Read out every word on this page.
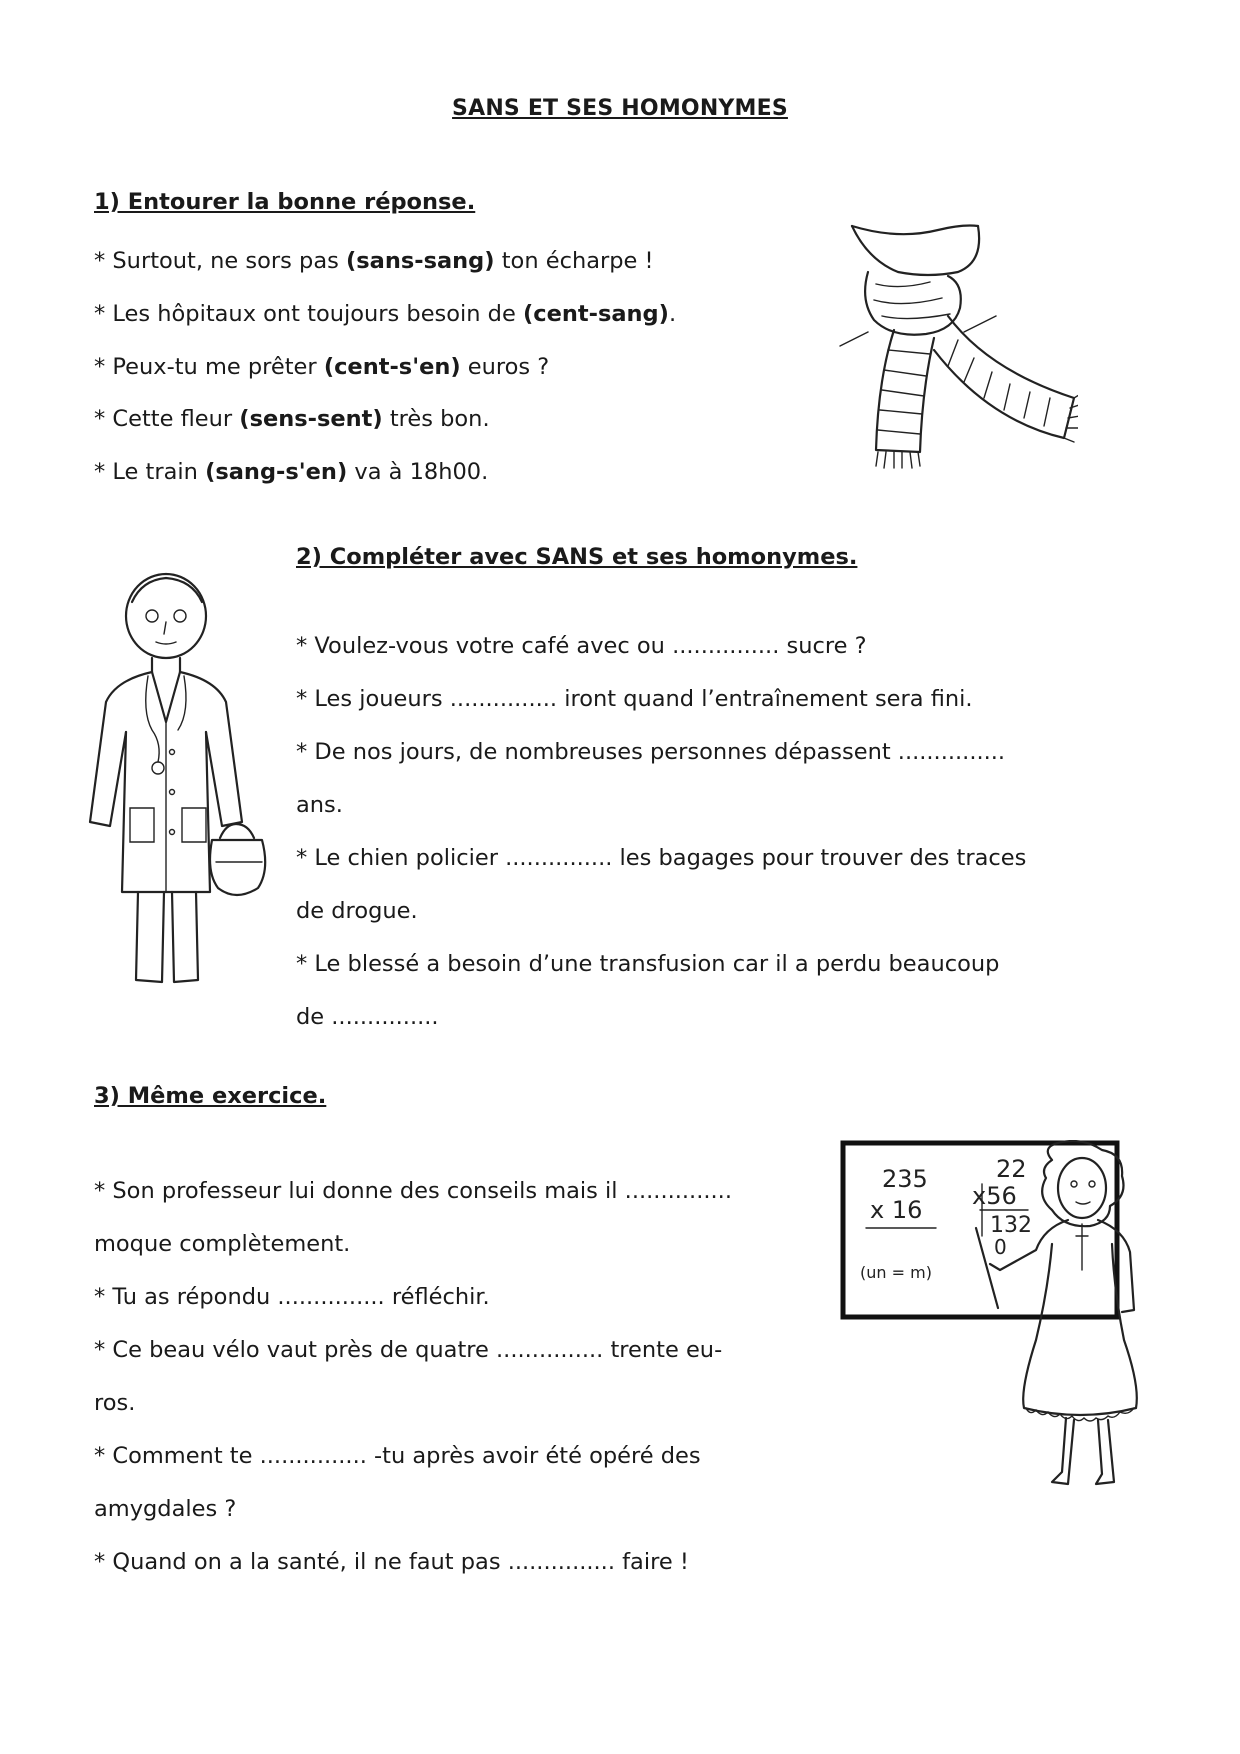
SANS ET SES HOMONYMES
1) Entourer la bonne réponse.
* Surtout, ne sors pas (sans-sang) ton écharpe !
* Les hôpitaux ont toujours besoin de (cent-sang).
* Peux-tu me prêter (cent-s'en) euros ?
* Cette fleur (sens-sent) très bon.
* Le train (sang-s'en) va à 18h00.
2) Compléter avec SANS et ses homonymes.
* Voulez-vous votre café avec ou ............... sucre ?
* Les joueurs ............... iront quand l’entraînement sera fini.
* De nos jours, de nombreuses personnes dépassent ...............
ans.
* Le chien policier ............... les bagages pour trouver des traces
de drogue.
* Le blessé a besoin d’une transfusion car il a perdu beaucoup
de ...............
3) Même exercice.
* Son professeur lui donne des conseils mais il ...............
moque complètement.
* Tu as répondu ............... réfléchir.
* Ce beau vélo vaut près de quatre ............... trente eu-
ros.
* Comment te ............... -tu après avoir été opéré des
amygdales ?
* Quand on a la santé, il ne faut pas ............... faire !
235
x 16
22
x56
132
0
(un = m)
